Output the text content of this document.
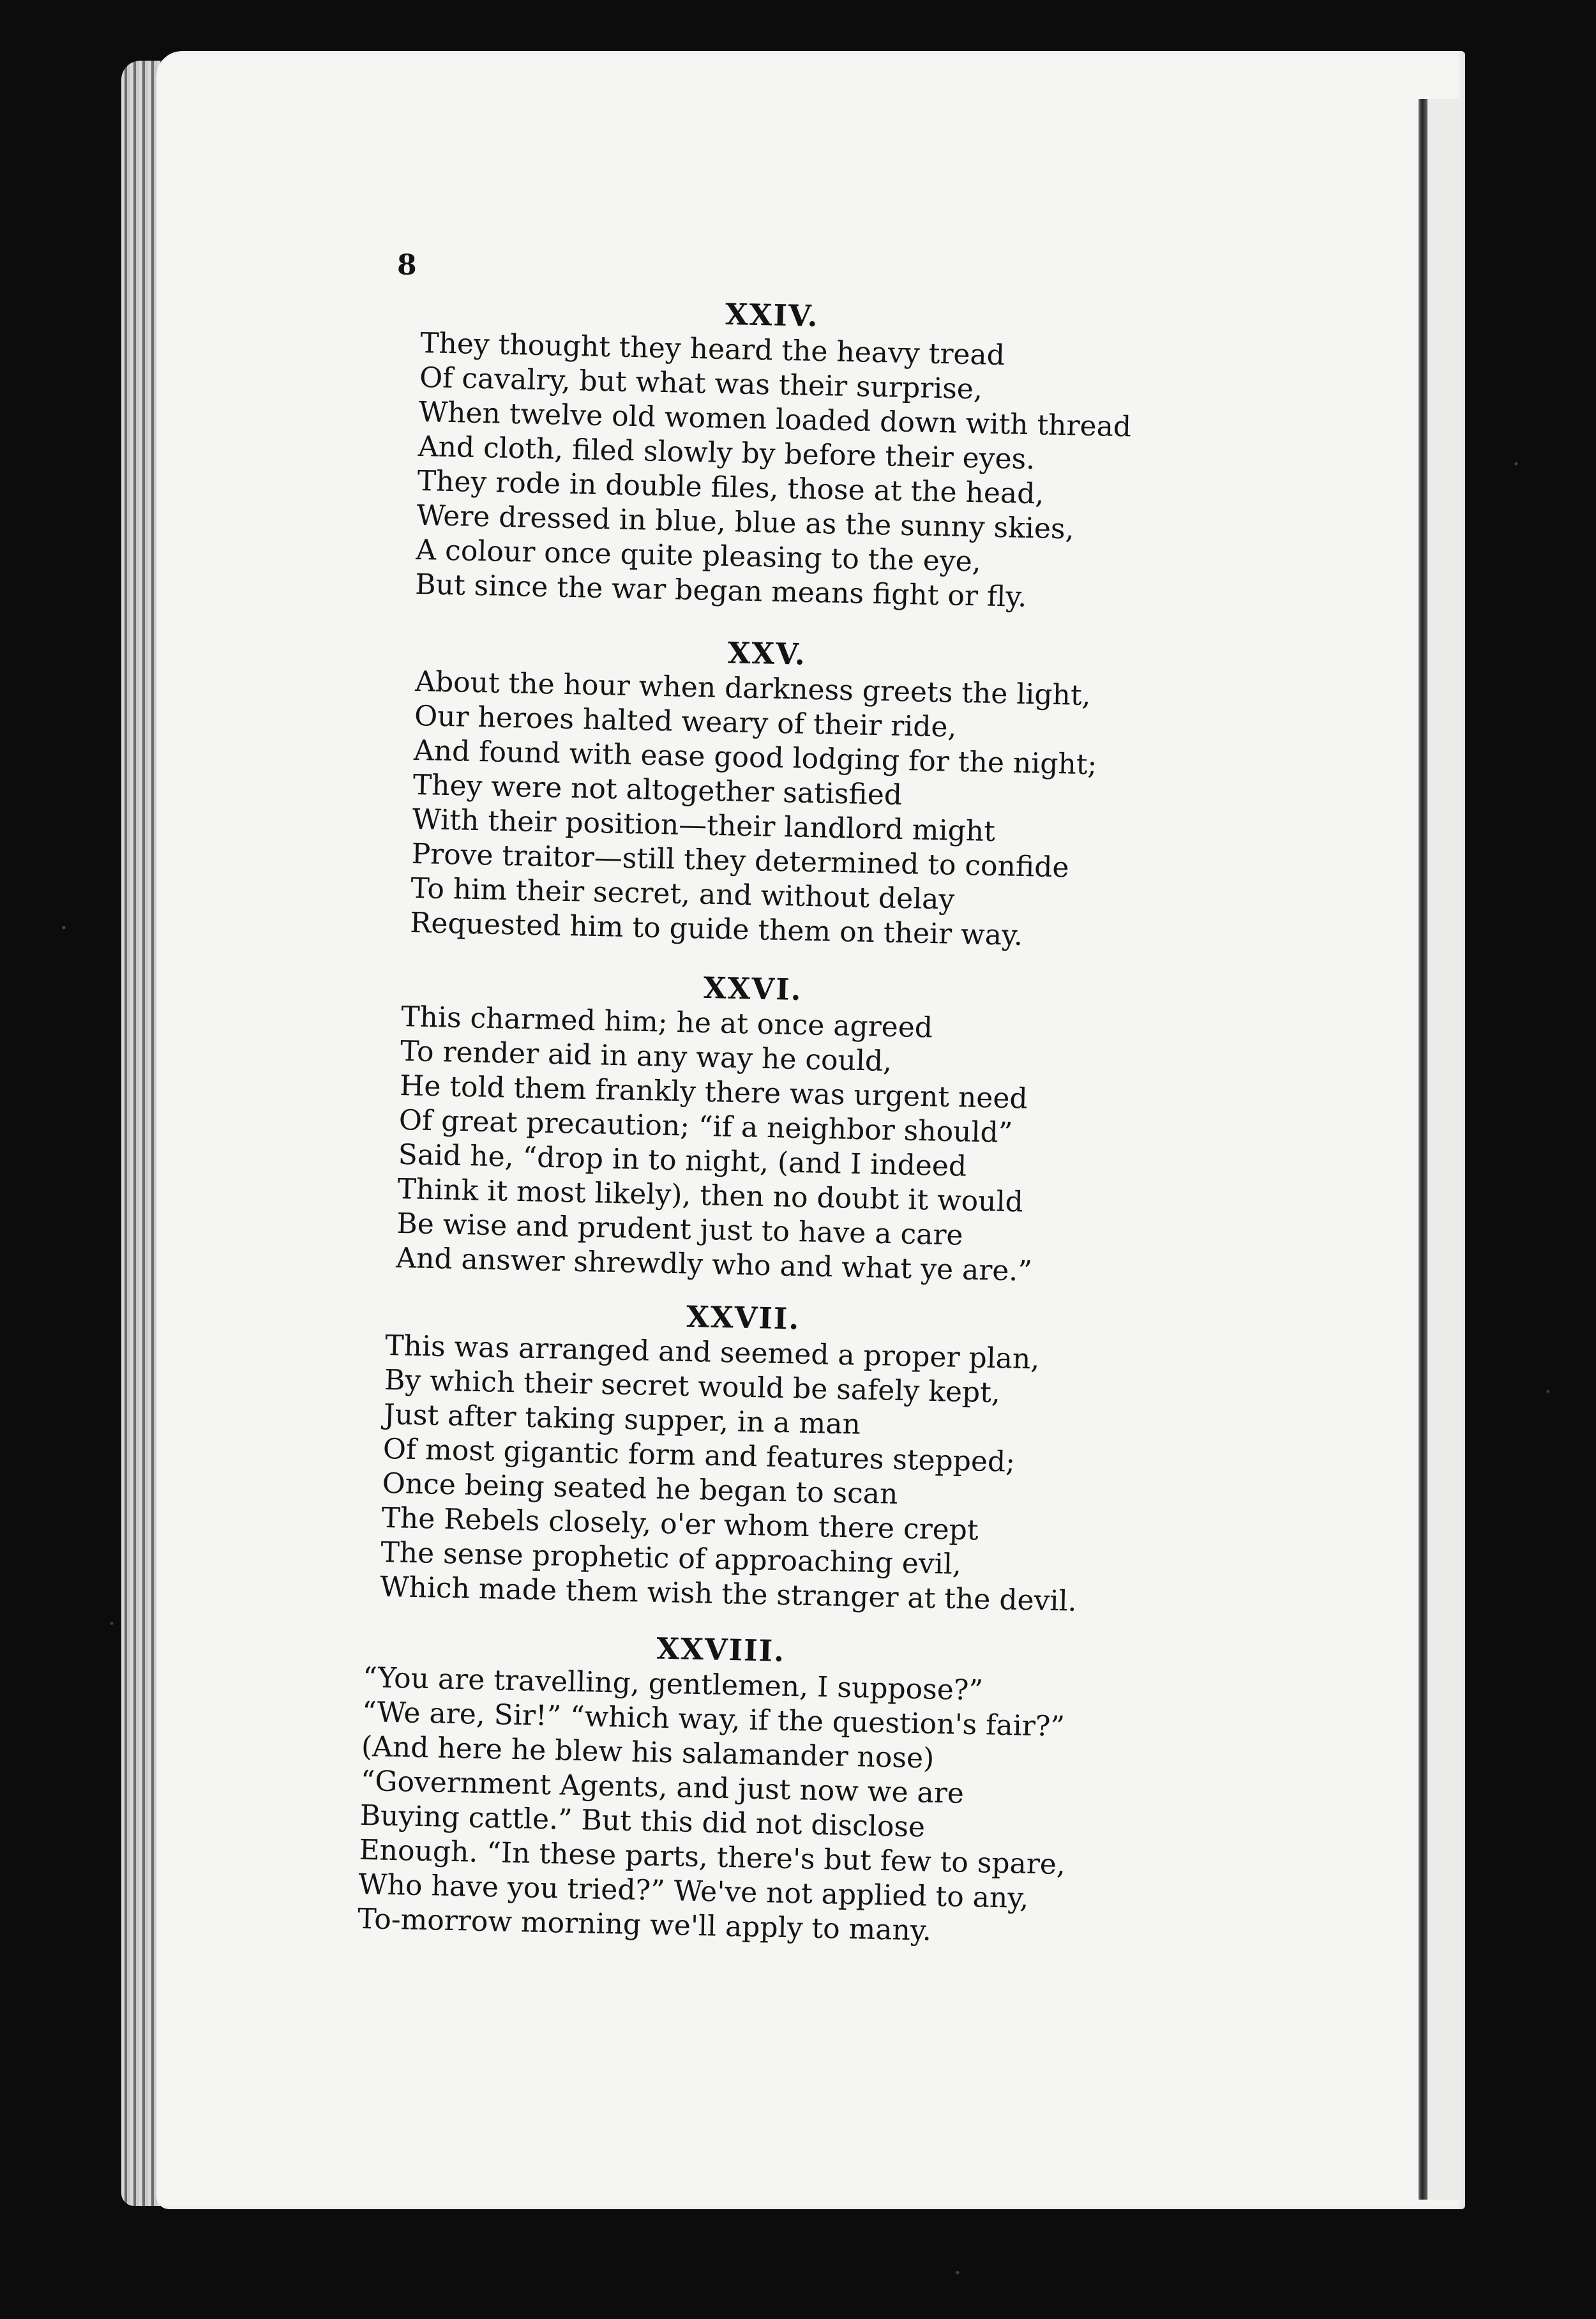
8
XXIV.
They thought they heard the heavy tread
Of cavalry, but what was their surprise,
When twelve old women loaded down with thread
And cloth, filed slowly by before their eyes.
They rode in double files, those at the head,
Were dressed in blue, blue as the sunny skies,
A colour once quite pleasing to the eye,
But since the war began means fight or fly.
XXV.
About the hour when darkness greets the light,
Our heroes halted weary of their ride,
And found with ease good lodging for the night;
They were not altogether satisfied
With their position—their landlord might
Prove traitor—still they determined to confide
To him their secret, and without delay
Requested him to guide them on their way.
XXVI.
This charmed him; he at once agreed
To render aid in any way he could,
He told them frankly there was urgent need
Of great precaution; “if a neighbor should”
Said he, “drop in to night, (and I indeed
Think it most likely), then no doubt it would
Be wise and prudent just to have a care
And answer shrewdly who and what ye are.”
XXVII.
This was arranged and seemed a proper plan,
By which their secret would be safely kept,
Just after taking supper, in a man
Of most gigantic form and features stepped;
Once being seated he began to scan
The Rebels closely, o'er whom there crept
The sense prophetic of approaching evil,
Which made them wish the stranger at the devil.
XXVIII.
“You are travelling, gentlemen, I suppose?”
“We are, Sir!” “which way, if the question's fair?”
(And here he blew his salamander nose)
“Government Agents, and just now we are
Buying cattle.” But this did not disclose
Enough. “In these parts, there's but few to spare,
Who have you tried?” We've not applied to any,
To-morrow morning we'll apply to many.
